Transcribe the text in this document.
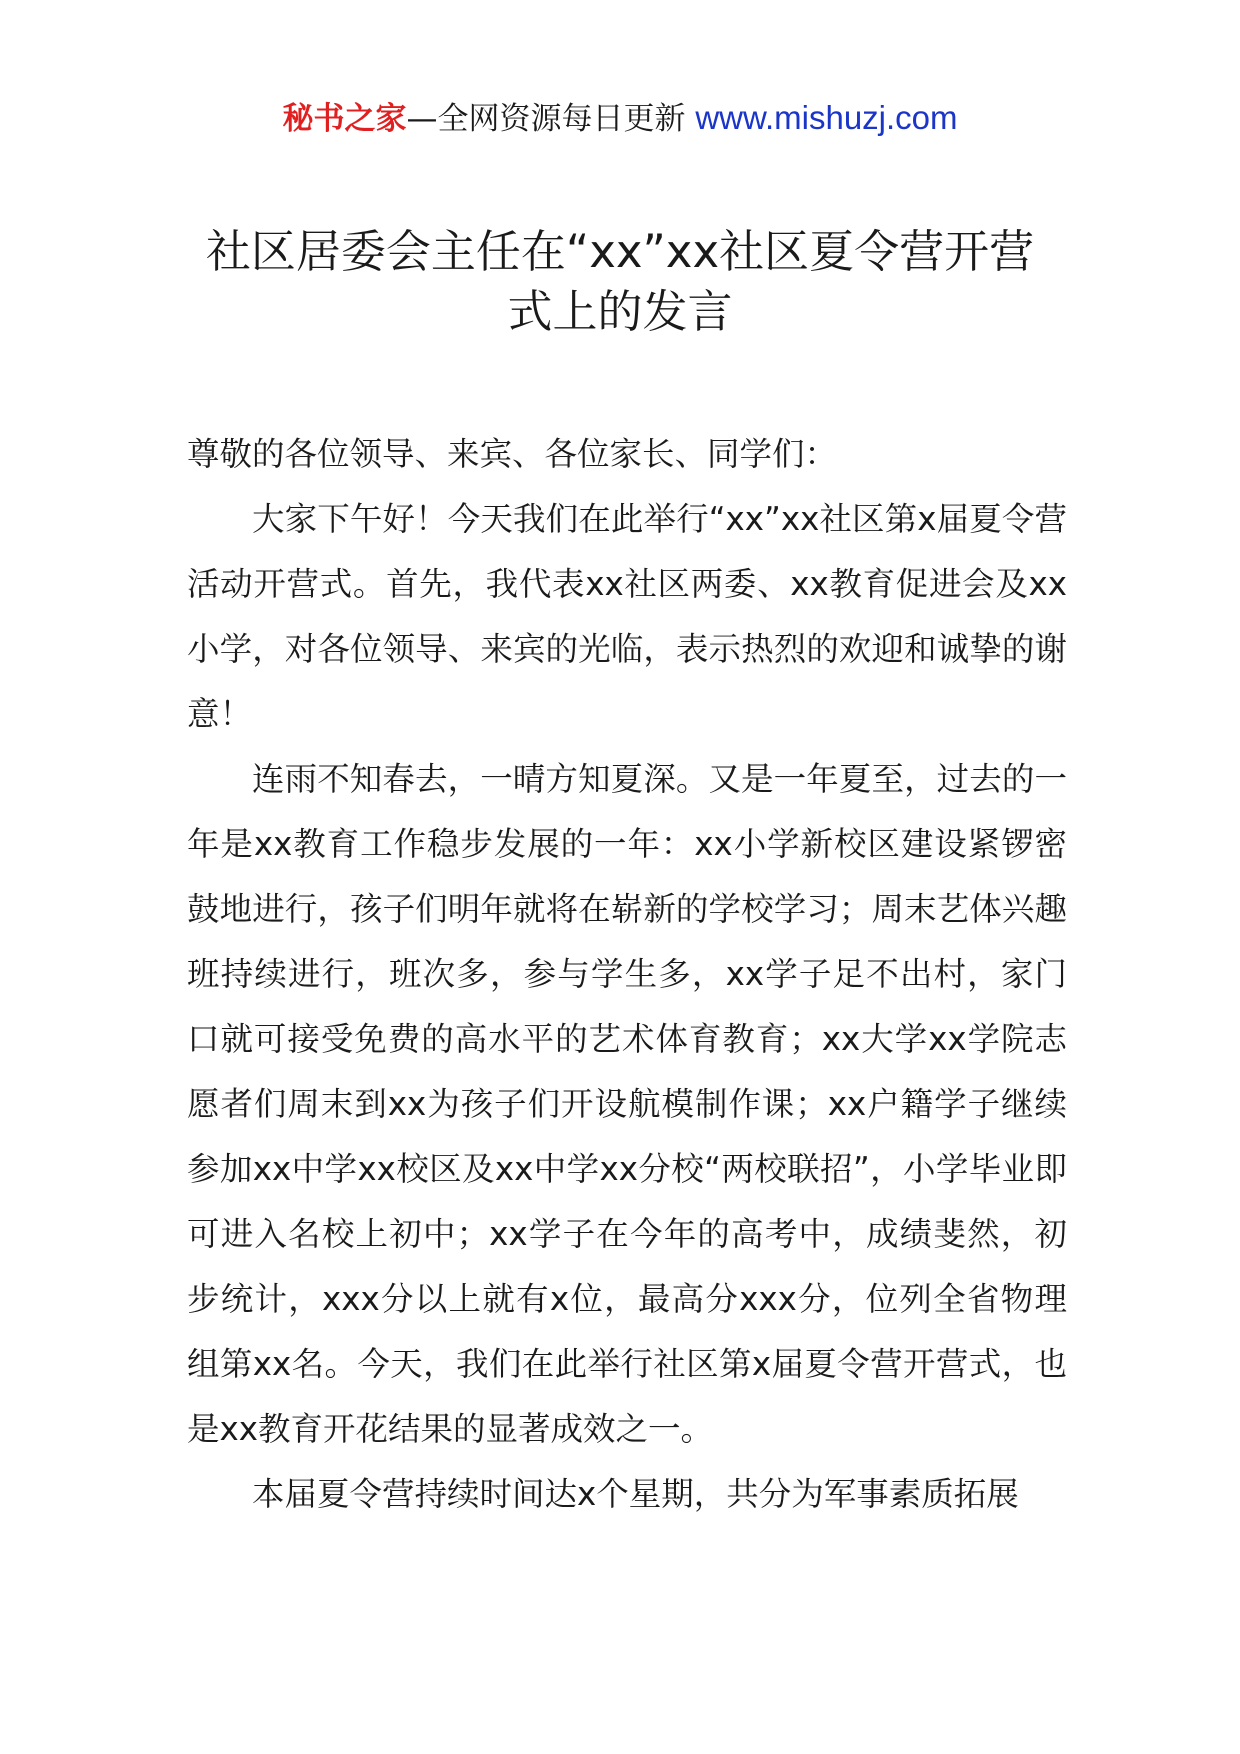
秘书之家—全网资源每日更新 www.mishuzj.com
社区居委会主任在“xx”xx社区夏令营开营
式上的发言

尊敬的各位领导、来宾、各位家长、同学们：

大家下午好！今天我们在此举行“xx”xx社区第x届夏令营活动开营式。首先，我代表xx社区两委、xx教育促进会及xx小学，对各位领导、来宾的光临，表示热烈的欢迎和诚挚的谢意！

连雨不知春去，一晴方知夏深。又是一年夏至，过去的一年是xx教育工作稳步发展的一年：xx小学新校区建设紧锣密鼓地进行，孩子们明年就将在崭新的学校学习；周末艺体兴趣班持续进行，班次多，参与学生多，xx学子足不出村，家门口就可接受免费的高水平的艺术体育教育；xx大学xx学院志愿者们周末到xx为孩子们开设航模制作课；xx户籍学子继续参加xx中学xx校区及xx中学xx分校“两校联招”，小学毕业即可进入名校上初中；xx学子在今年的高考中，成绩斐然，初步统计，xxx分以上就有x位，最高分xxx分，位列全省物理组第xx名。今天，我们在此举行社区第x届夏令营开营式，也是xx教育开花结果的显著成效之一。

本届夏令营持续时间达x个星期，共分为军事素质拓展
